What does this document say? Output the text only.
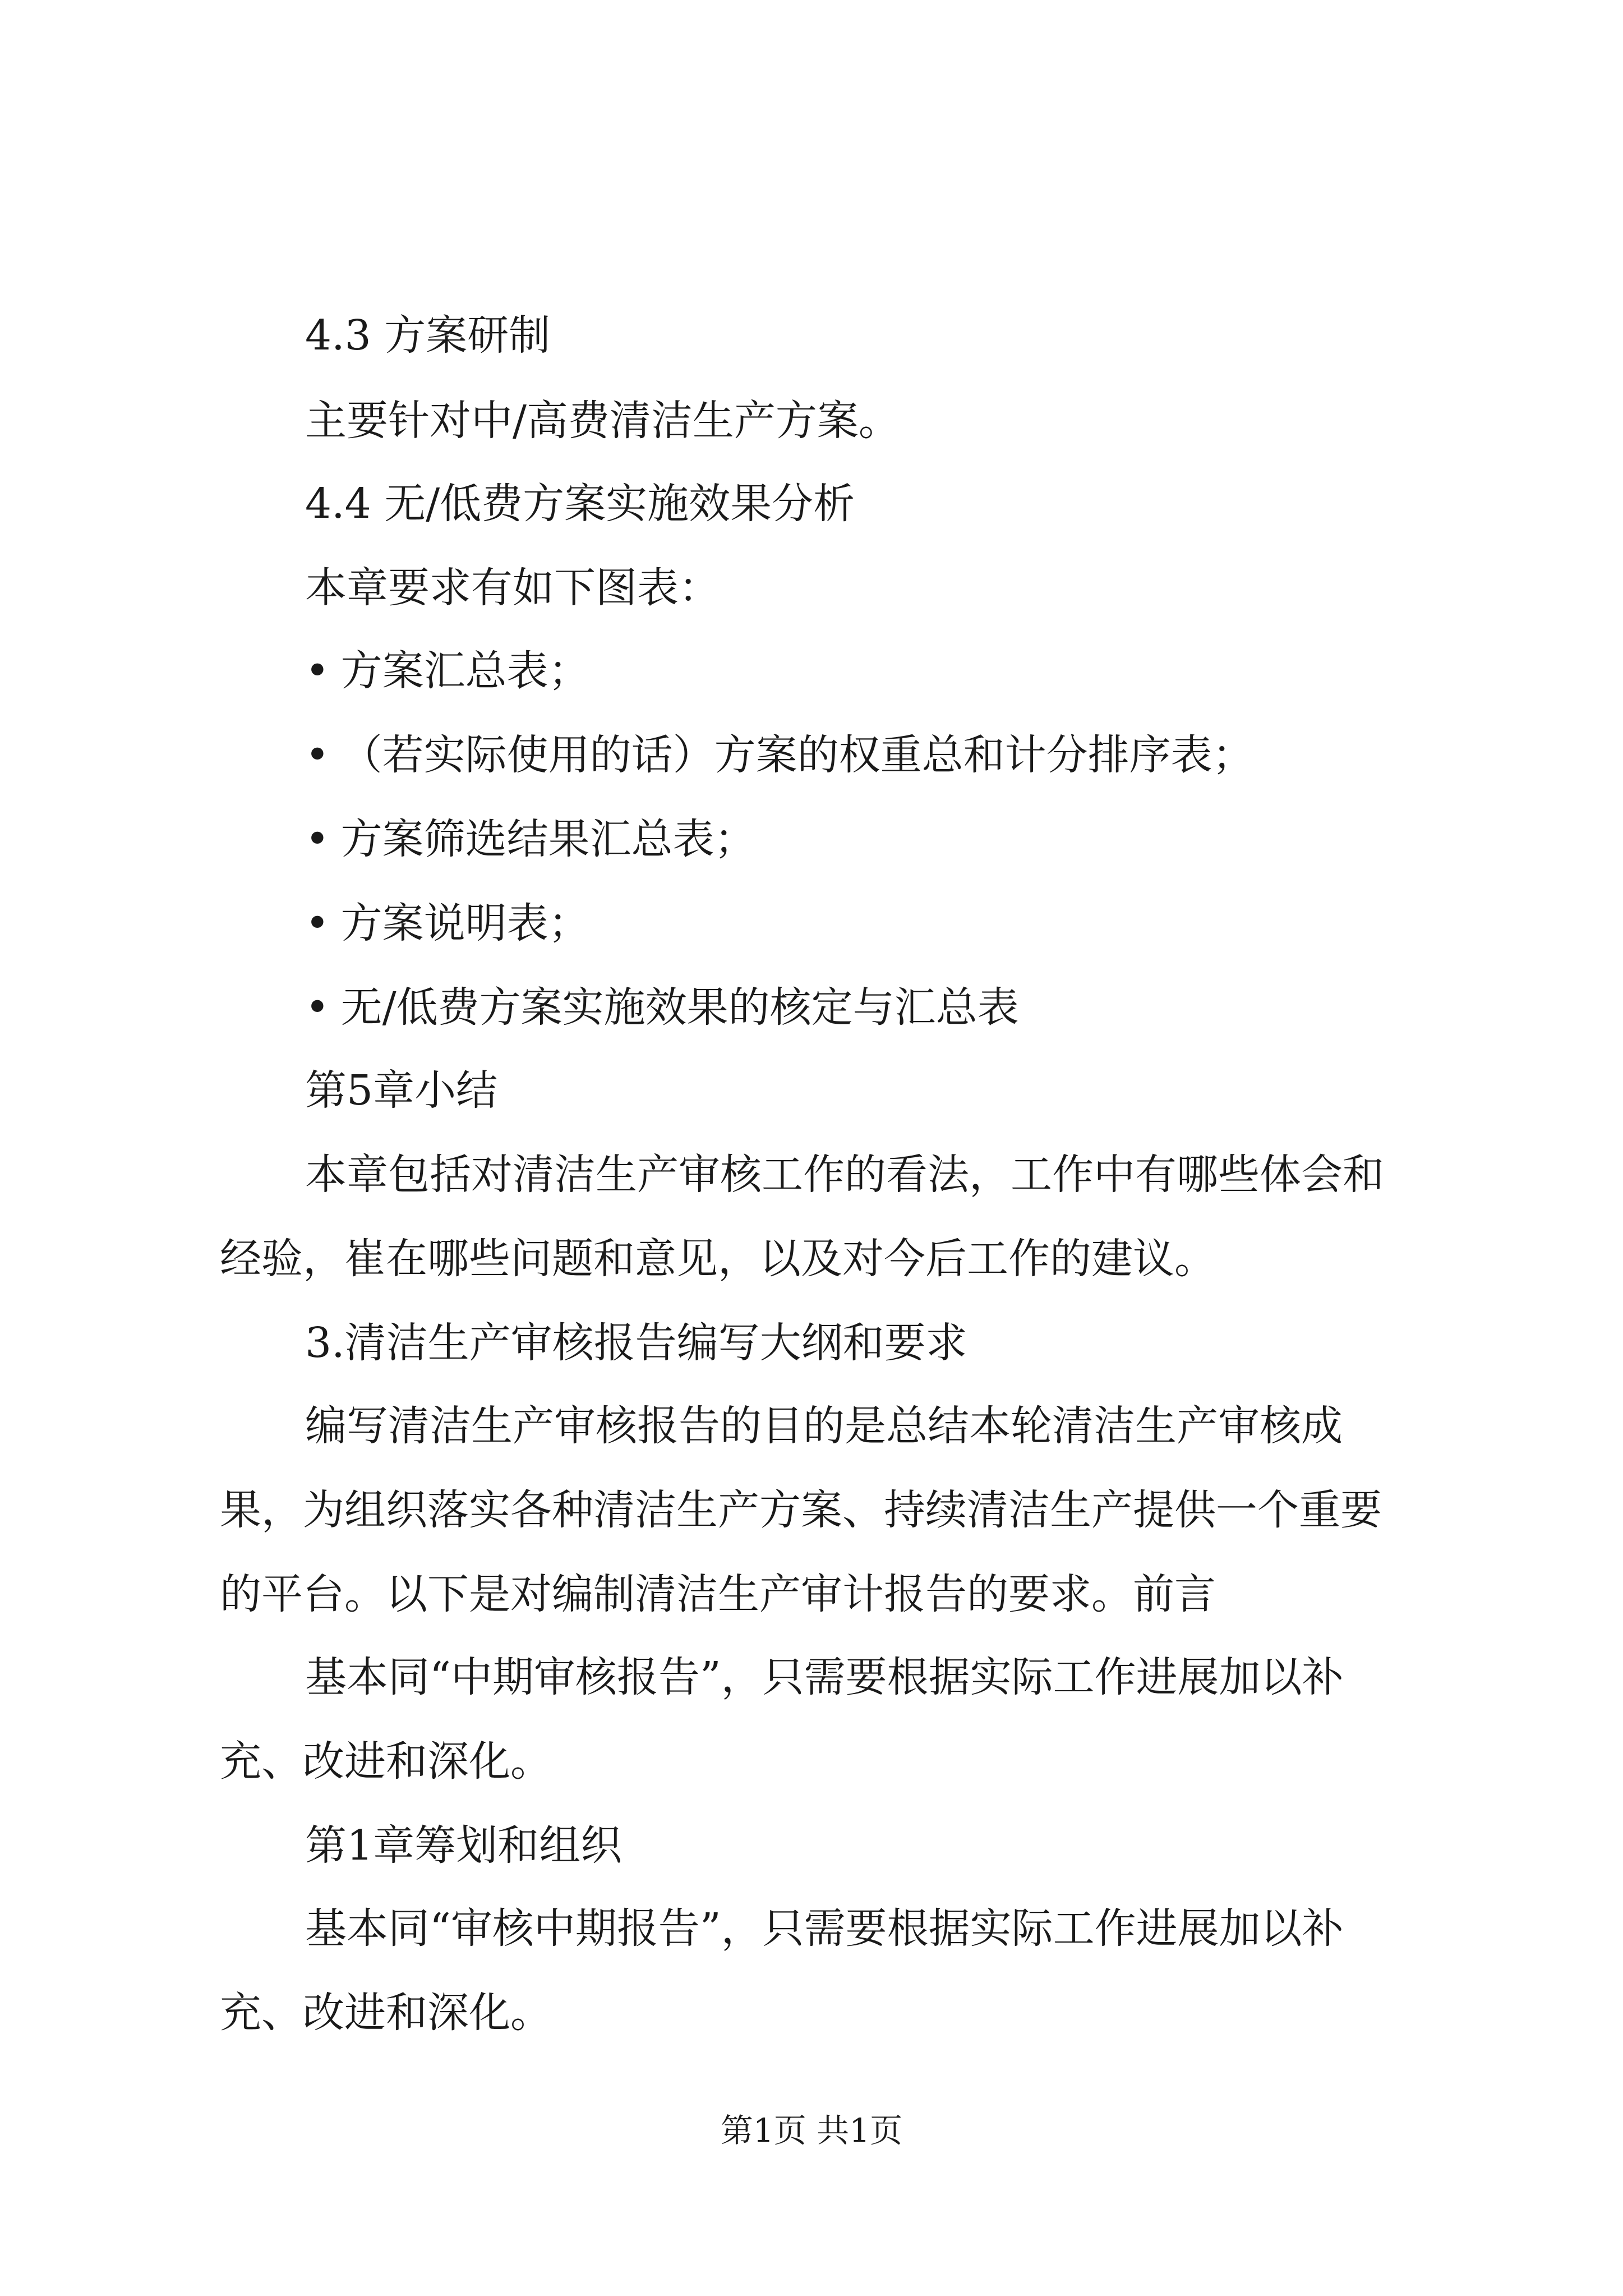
4.3 方案研制
主要针对中/高费清洁生产方案。
4.4 无/低费方案实施效果分析
本章要求有如下图表：
• 方案汇总表；
• （若实际使用的话）方案的权重总和计分排序表；
• 方案筛选结果汇总表；
• 方案说明表；
• 无/低费方案实施效果的核定与汇总表
第5章小结
本章包括对清洁生产审核工作的看法，工作中有哪些体会和
经验，崔在哪些问题和意见，以及对今后工作的建议。
3.清洁生产审核报告编写大纲和要求
编写清洁生产审核报告的目的是总结本轮清洁生产审核成
果，为组织落实各种清洁生产方案、持续清洁生产提供一个重要
的平台。以下是对编制清洁生产审计报告的要求。前言
基本同“中期审核报告”，只需要根据实际工作进展加以补
充、改进和深化。
第1章筹划和组织
基本同“审核中期报告”，只需要根据实际工作进展加以补
充、改进和深化。
第1页 共1页
